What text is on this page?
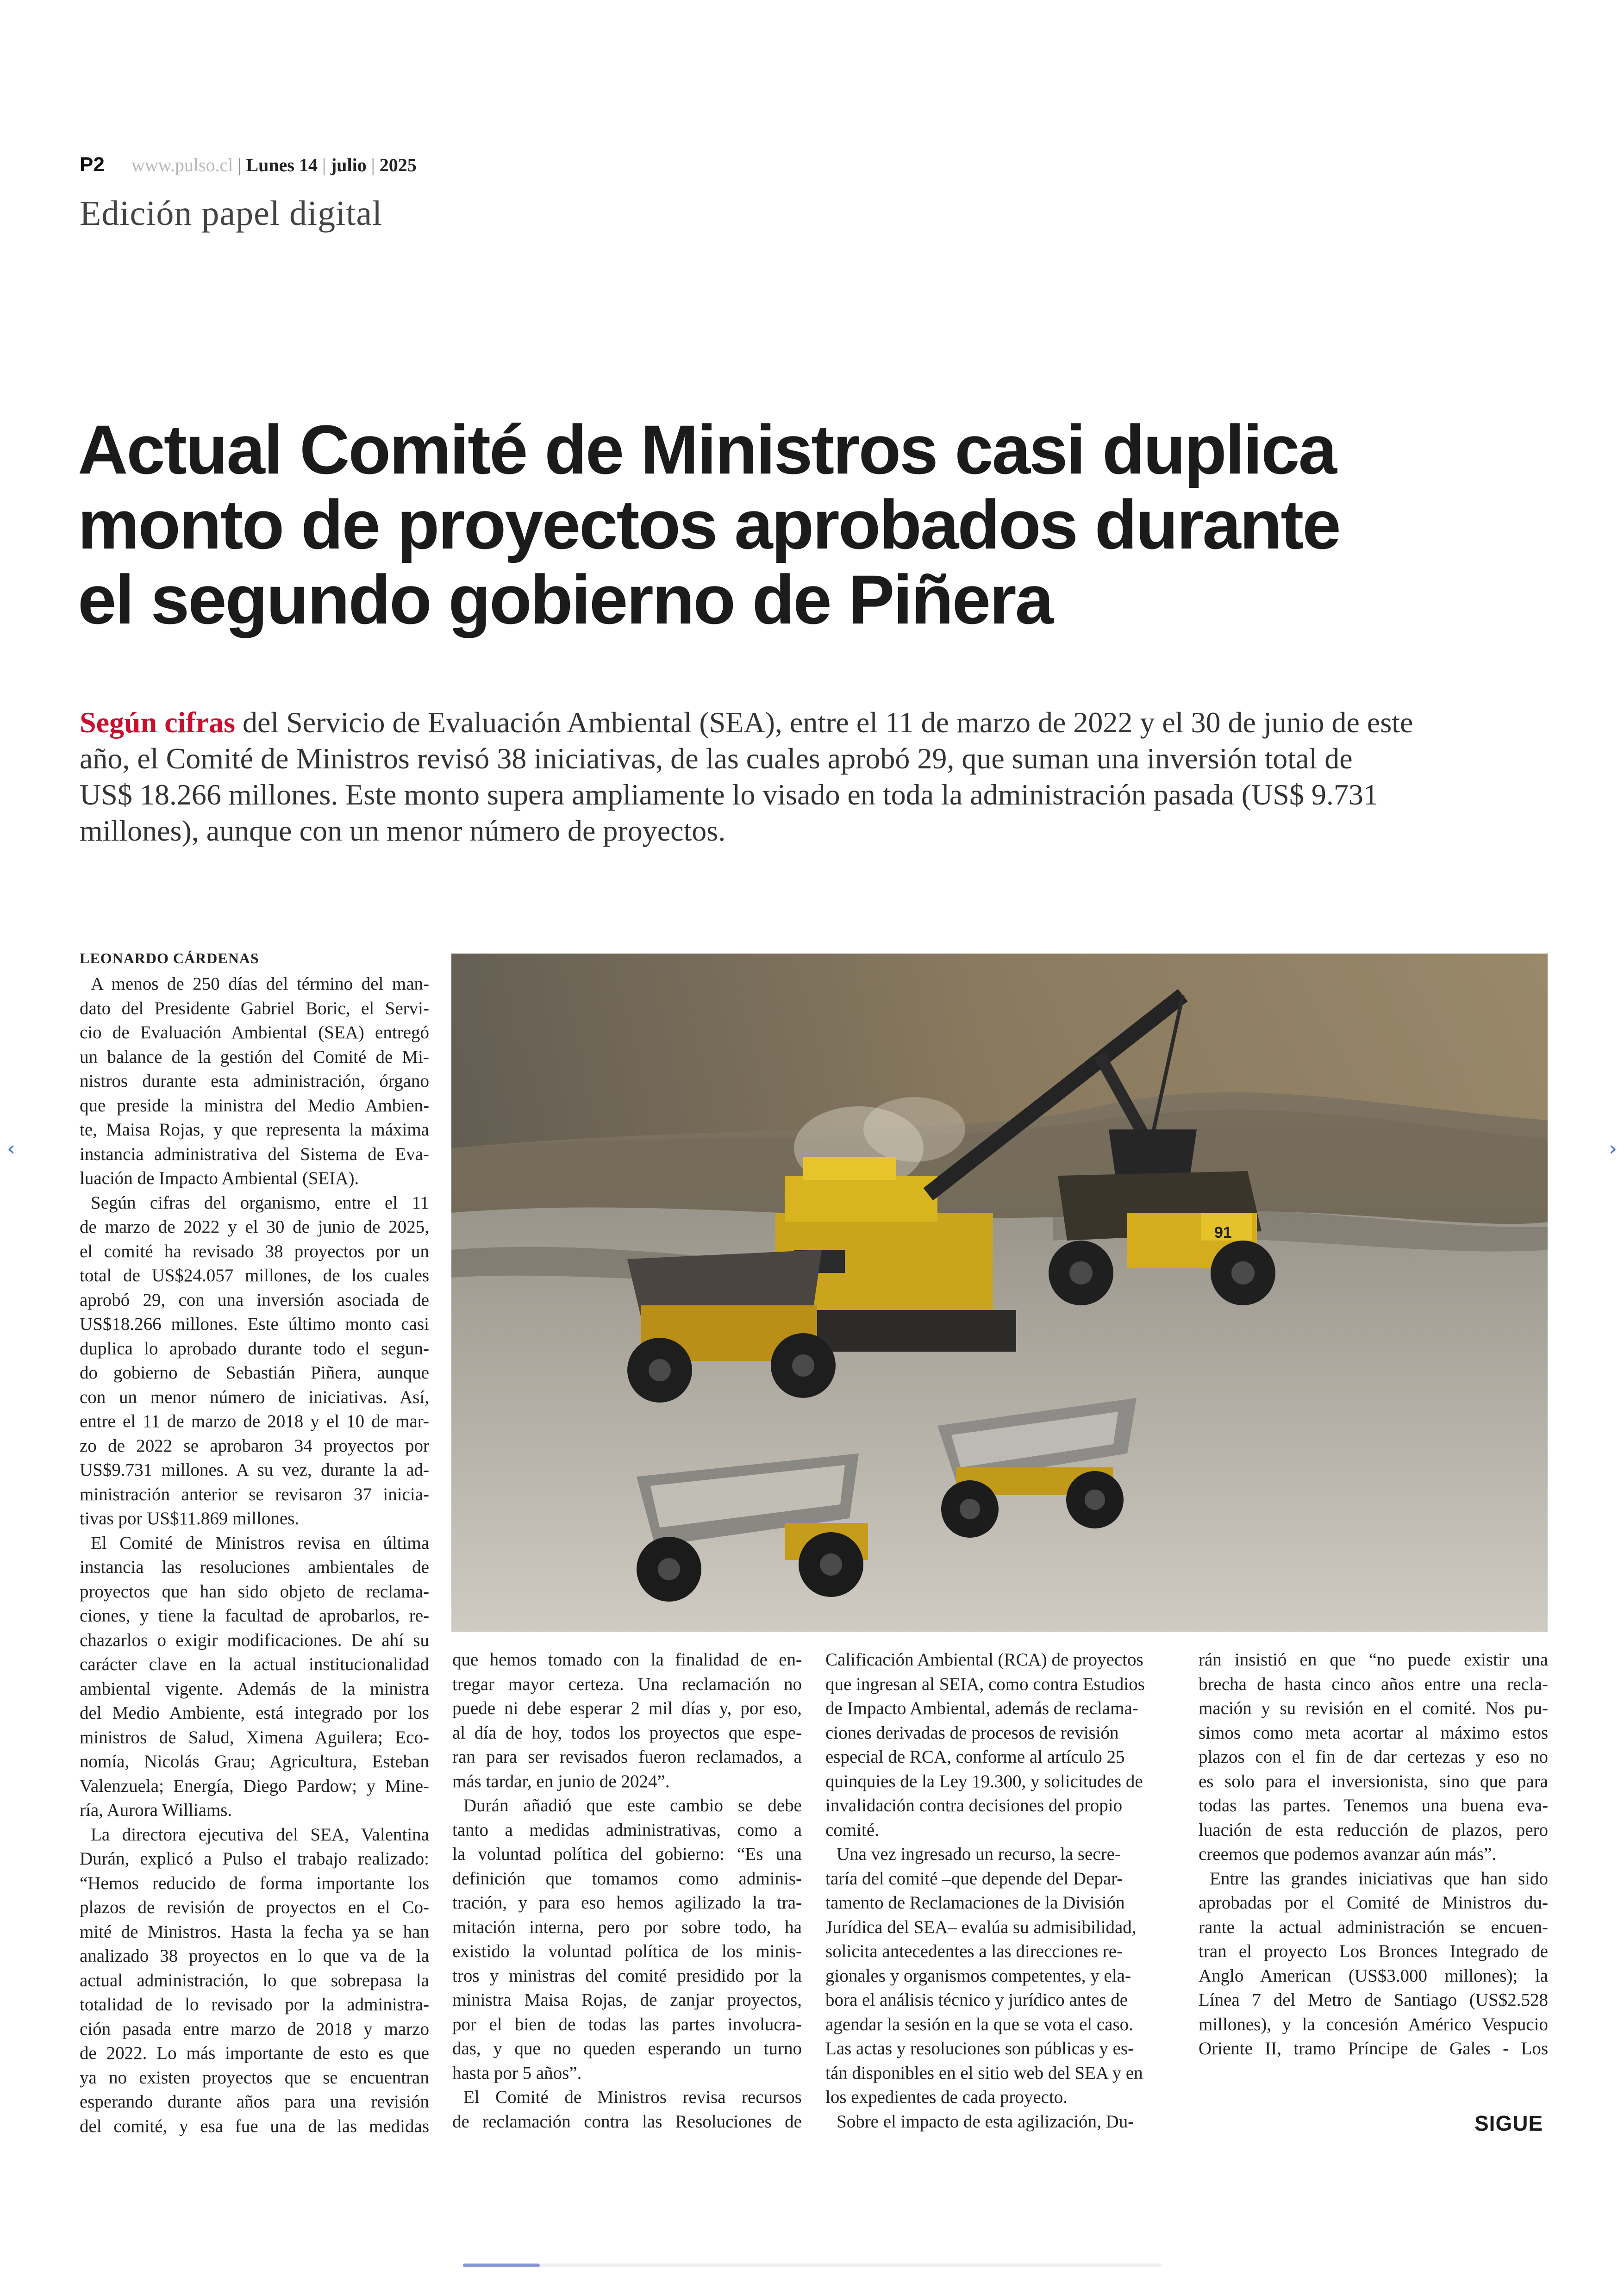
P2 www.pulso.cl | Lunes 14 | julio | 2025
Edición papel digital
Actual Comité de Ministros casi duplica
monto de proyectos aprobados durante
el segundo gobierno de Piñera
Según cifras del Servicio de Evaluación Ambiental (SEA), entre el 11 de marzo de 2022 y el 30 de junio de este
año, el Comité de Ministros revisó 38 iniciativas, de las cuales aprobó 29, que suman una inversión total de
US$ 18.266 millones. Este monto supera ampliamente lo visado en toda la administración pasada (US$ 9.731
millones), aunque con un menor número de proyectos.
LEONARDO CÁRDENAS
A menos de 250 días del término del man-
dato del Presidente Gabriel Boric, el Servi-
cio de Evaluación Ambiental (SEA) entregó
un balance de la gestión del Comité de Mi-
nistros durante esta administración, órgano
que preside la ministra del Medio Ambien-
te, Maisa Rojas, y que representa la máxima
instancia administrativa del Sistema de Eva-
luación de Impacto Ambiental (SEIA).
Según cifras del organismo, entre el 11
de marzo de 2022 y el 30 de junio de 2025,
el comité ha revisado 38 proyectos por un
total de US$24.057 millones, de los cuales
aprobó 29, con una inversión asociada de
US$18.266 millones. Este último monto casi
duplica lo aprobado durante todo el segun-
do gobierno de Sebastián Piñera, aunque
con un menor número de iniciativas. Así,
entre el 11 de marzo de 2018 y el 10 de mar-
zo de 2022 se aprobaron 34 proyectos por
US$9.731 millones. A su vez, durante la ad-
ministración anterior se revisaron 37 inicia-
tivas por US$11.869 millones.
El Comité de Ministros revisa en última
instancia las resoluciones ambientales de
proyectos que han sido objeto de reclama-
ciones, y tiene la facultad de aprobarlos, re-
chazarlos o exigir modificaciones. De ahí su
carácter clave en la actual institucionalidad
ambiental vigente. Además de la ministra
del Medio Ambiente, está integrado por los
ministros de Salud, Ximena Aguilera; Eco-
nomía, Nicolás Grau; Agricultura, Esteban
Valenzuela; Energía, Diego Pardow; y Mine-
ría, Aurora Williams.
La directora ejecutiva del SEA, Valentina
Durán, explicó a Pulso el trabajo realizado:
“Hemos reducido de forma importante los
plazos de revisión de proyectos en el Co-
mité de Ministros. Hasta la fecha ya se han
analizado 38 proyectos en lo que va de la
actual administración, lo que sobrepasa la
totalidad de lo revisado por la administra-
ción pasada entre marzo de 2018 y marzo
de 2022. Lo más importante de esto es que
ya no existen proyectos que se encuentran
esperando durante años para una revisión
del comité, y esa fue una de las medidas
que hemos tomado con la finalidad de en-
tregar mayor certeza. Una reclamación no
puede ni debe esperar 2 mil días y, por eso,
al día de hoy, todos los proyectos que espe-
ran para ser revisados fueron reclamados, a
más tardar, en junio de 2024”.
Durán añadió que este cambio se debe
tanto a medidas administrativas, como a
la voluntad política del gobierno: “Es una
definición que tomamos como adminis-
tración, y para eso hemos agilizado la tra-
mitación interna, pero por sobre todo, ha
existido la voluntad política de los minis-
tros y ministras del comité presidido por la
ministra Maisa Rojas, de zanjar proyectos,
por el bien de todas las partes involucra-
das, y que no queden esperando un turno
hasta por 5 años”.
El Comité de Ministros revisa recursos
de reclamación contra las Resoluciones de
Calificación Ambiental (RCA) de proyectos
que ingresan al SEIA, como contra Estudios
de Impacto Ambiental, además de reclama-
ciones derivadas de procesos de revisión
especial de RCA, conforme al artículo 25
quinquies de la Ley 19.300, y solicitudes de
invalidación contra decisiones del propio
comité.
Una vez ingresado un recurso, la secre-
taría del comité –que depende del Depar-
tamento de Reclamaciones de la División
Jurídica del SEA– evalúa su admisibilidad,
solicita antecedentes a las direcciones re-
gionales y organismos competentes, y ela-
bora el análisis técnico y jurídico antes de
agendar la sesión en la que se vota el caso.
Las actas y resoluciones son públicas y es-
tán disponibles en el sitio web del SEA y en
los expedientes de cada proyecto.
Sobre el impacto de esta agilización, Du-
rán insistió en que “no puede existir una
brecha de hasta cinco años entre una recla-
mación y su revisión en el comité. Nos pu-
simos como meta acortar al máximo estos
plazos con el fin de dar certezas y eso no
es solo para el inversionista, sino que para
todas las partes. Tenemos una buena eva-
luación de esta reducción de plazos, pero
creemos que podemos avanzar aún más”.
Entre las grandes iniciativas que han sido
aprobadas por el Comité de Ministros du-
rante la actual administración se encuen-
tran el proyecto Los Bronces Integrado de
Anglo American (US$3.000 millones); la
Línea 7 del Metro de Santiago (US$2.528
millones), y la concesión Américo Vespucio
Oriente II, tramo Príncipe de Gales - Los
91
SIGUE
‹	›
